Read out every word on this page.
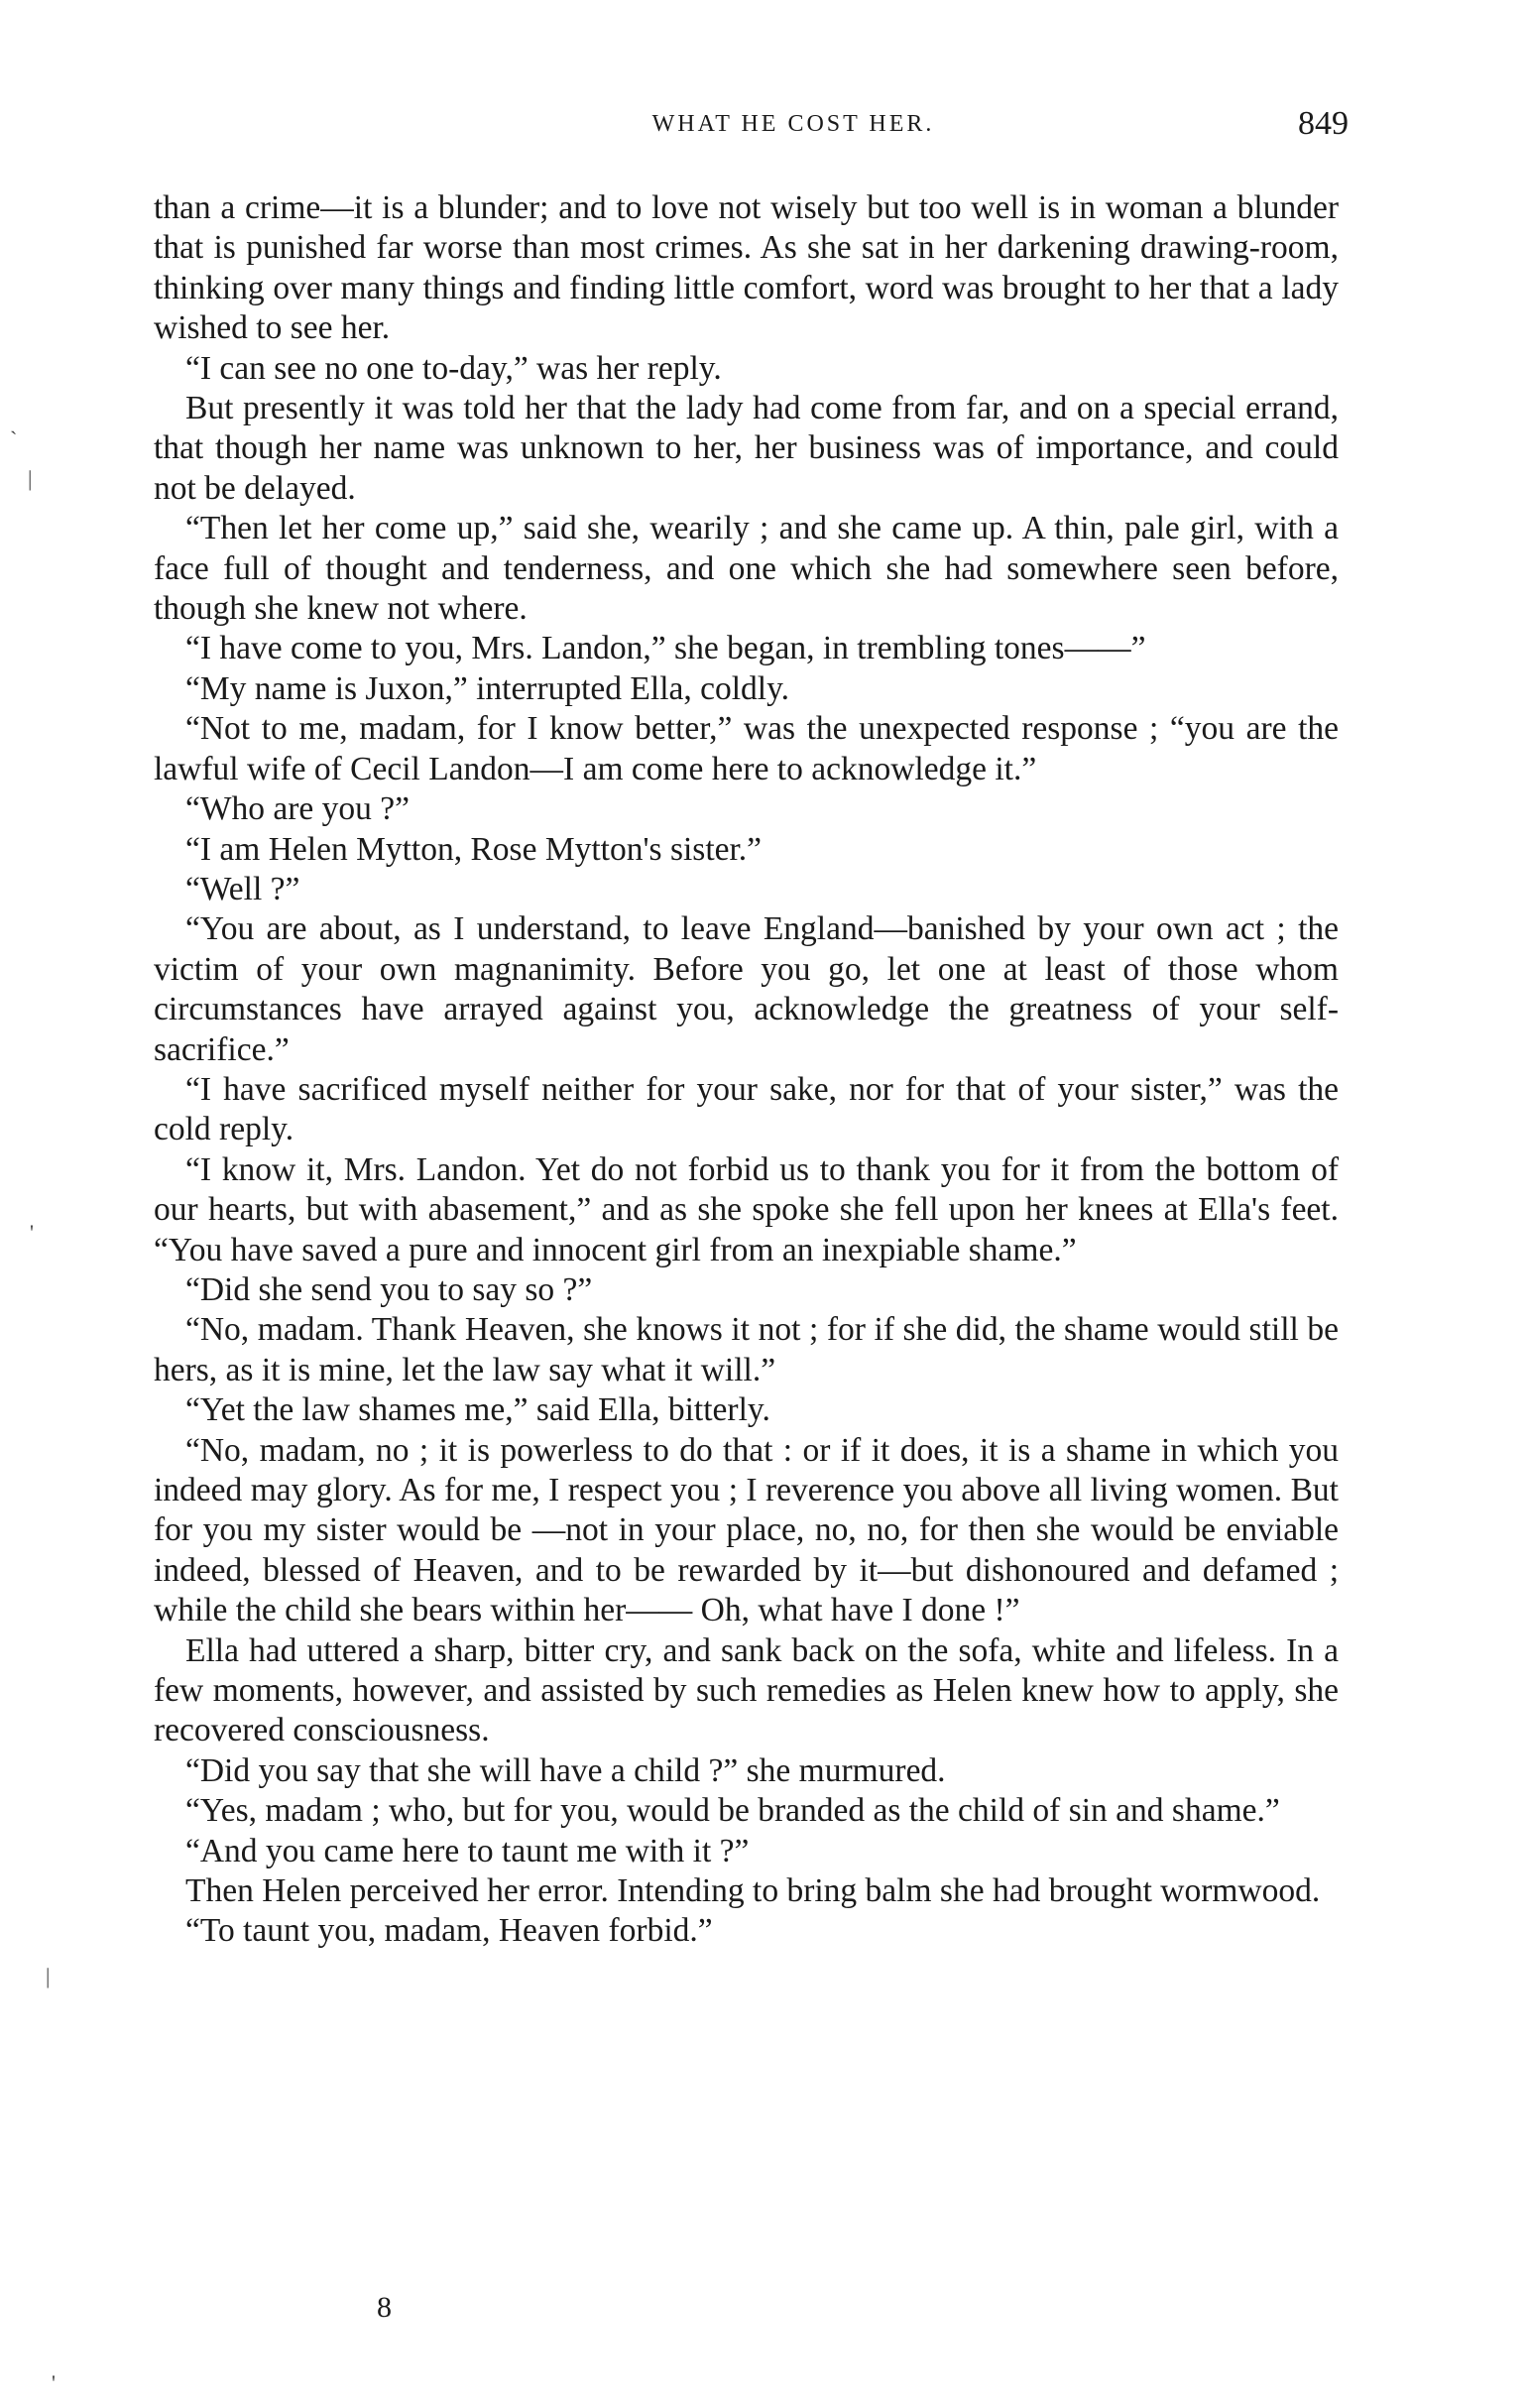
WHAT HE COST HER.	849

than a crime—it is a blunder; and to love not wisely but too well is in woman a blunder that is punished far worse than most crimes. As she sat in her darkening drawing-room, thinking over many things and finding little comfort, word was brought to her that a lady wished to see her.

“I can see no one to-day,” was her reply.

But presently it was told her that the lady had come from far, and on a special errand, that though her name was unknown to her, her business was of importance, and could not be delayed.

“Then let her come up,” said she, wearily ; and she came up. A thin, pale girl, with a face full of thought and tenderness, and one which she had somewhere seen before, though she knew not where.

“I have come to you, Mrs. Landon,” she began, in trembling tones——”

“My name is Juxon,” interrupted Ella, coldly.

“Not to me, madam, for I know better,” was the unexpected response ; “you are the lawful wife of Cecil Landon—I am come here to acknowledge it.”

“Who are you ?”

“I am Helen Mytton, Rose Mytton's sister.”

“Well ?”

“You are about, as I understand, to leave England—banished by your own act ; the victim of your own magnanimity. Before you go, let one at least of those whom circumstances have arrayed against you, acknowledge the greatness of your self-sacrifice.”

“I have sacrificed myself neither for your sake, nor for that of your sister,” was the cold reply.

“I know it, Mrs. Landon. Yet do not forbid us to thank you for it from the bottom of our hearts, but with abasement,” and as she spoke she fell upon her knees at Ella's feet. “You have saved a pure and innocent girl from an inexpiable shame.”

“Did she send you to say so ?”

“No, madam. Thank Heaven, she knows it not ; for if she did, the shame would still be hers, as it is mine, let the law say what it will.”

“Yet the law shames me,” said Ella, bitterly.

“No, madam, no ; it is powerless to do that : or if it does, it is a shame in which you indeed may glory. As for me, I respect you ; I reverence you above all living women. But for you my sister would be —not in your place, no, no, for then she would be enviable indeed, blessed of Heaven, and to be rewarded by it—but dishonoured and defamed ; while the child she bears within her—— Oh, what have I done !”

Ella had uttered a sharp, bitter cry, and sank back on the sofa, white and lifeless. In a few moments, however, and assisted by such remedies as Helen knew how to apply, she recovered consciousness.

“Did you say that she will have a child ?” she murmured.

“Yes, madam ; who, but for you, would be branded as the child of sin and shame.”

“And you came here to taunt me with it ?”

Then Helen perceived her error. Intending to bring balm she had brought wormwood.

“To taunt you, madam, Heaven forbid.”

8
`
|
'
|
'
